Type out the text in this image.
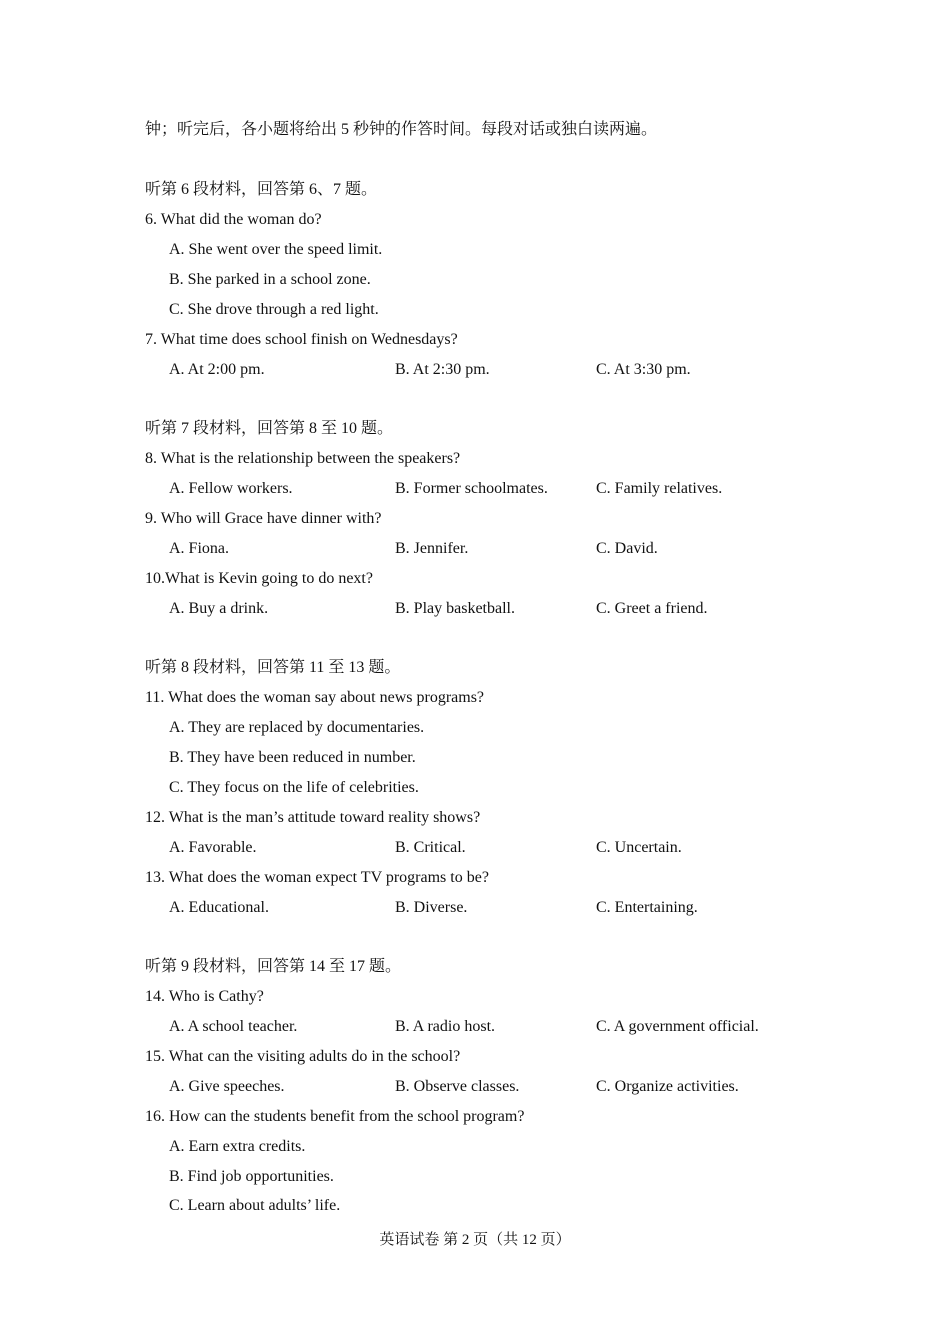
钟；听完后，各小题将给出 5 秒钟的作答时间。每段对话或独白读两遍。
听第 6 段材料，回答第 6、7 题。
6. What did the woman do?
A. She went over the speed limit.
B. She parked in a school zone.
C. She drove through a red light.
7. What time does school finish on Wednesdays?
A. At 2:00 pm.	B. At 2:30 pm.	C. At 3:30 pm.
听第 7 段材料，回答第 8 至 10 题。
8. What is the relationship between the speakers?
A. Fellow workers.	B. Former schoolmates.	C. Family relatives.
9. Who will Grace have dinner with?
A. Fiona.	B. Jennifer.	C. David.
10.What is Kevin going to do next?
A. Buy a drink.	B. Play basketball.	C. Greet a friend.
听第 8 段材料，回答第 11 至 13 题。
11. What does the woman say about news programs?
A. They are replaced by documentaries.
B. They have been reduced in number.
C. They focus on the life of celebrities.
12. What is the man’s attitude toward reality shows?
A. Favorable.	B. Critical.	C. Uncertain.
13. What does the woman expect TV programs to be?
A. Educational.	B. Diverse.	C. Entertaining.
听第 9 段材料，回答第 14 至 17 题。
14. Who is Cathy?
A. A school teacher.	B. A radio host.	C. A government official.
15. What can the visiting adults do in the school?
A. Give speeches.	B. Observe classes.	C. Organize activities.
16. How can the students benefit from the school program?
A. Earn extra credits.
B. Find job opportunities.
C. Learn about adults’ life.
英语试卷 第 2 页（共 12 页）
